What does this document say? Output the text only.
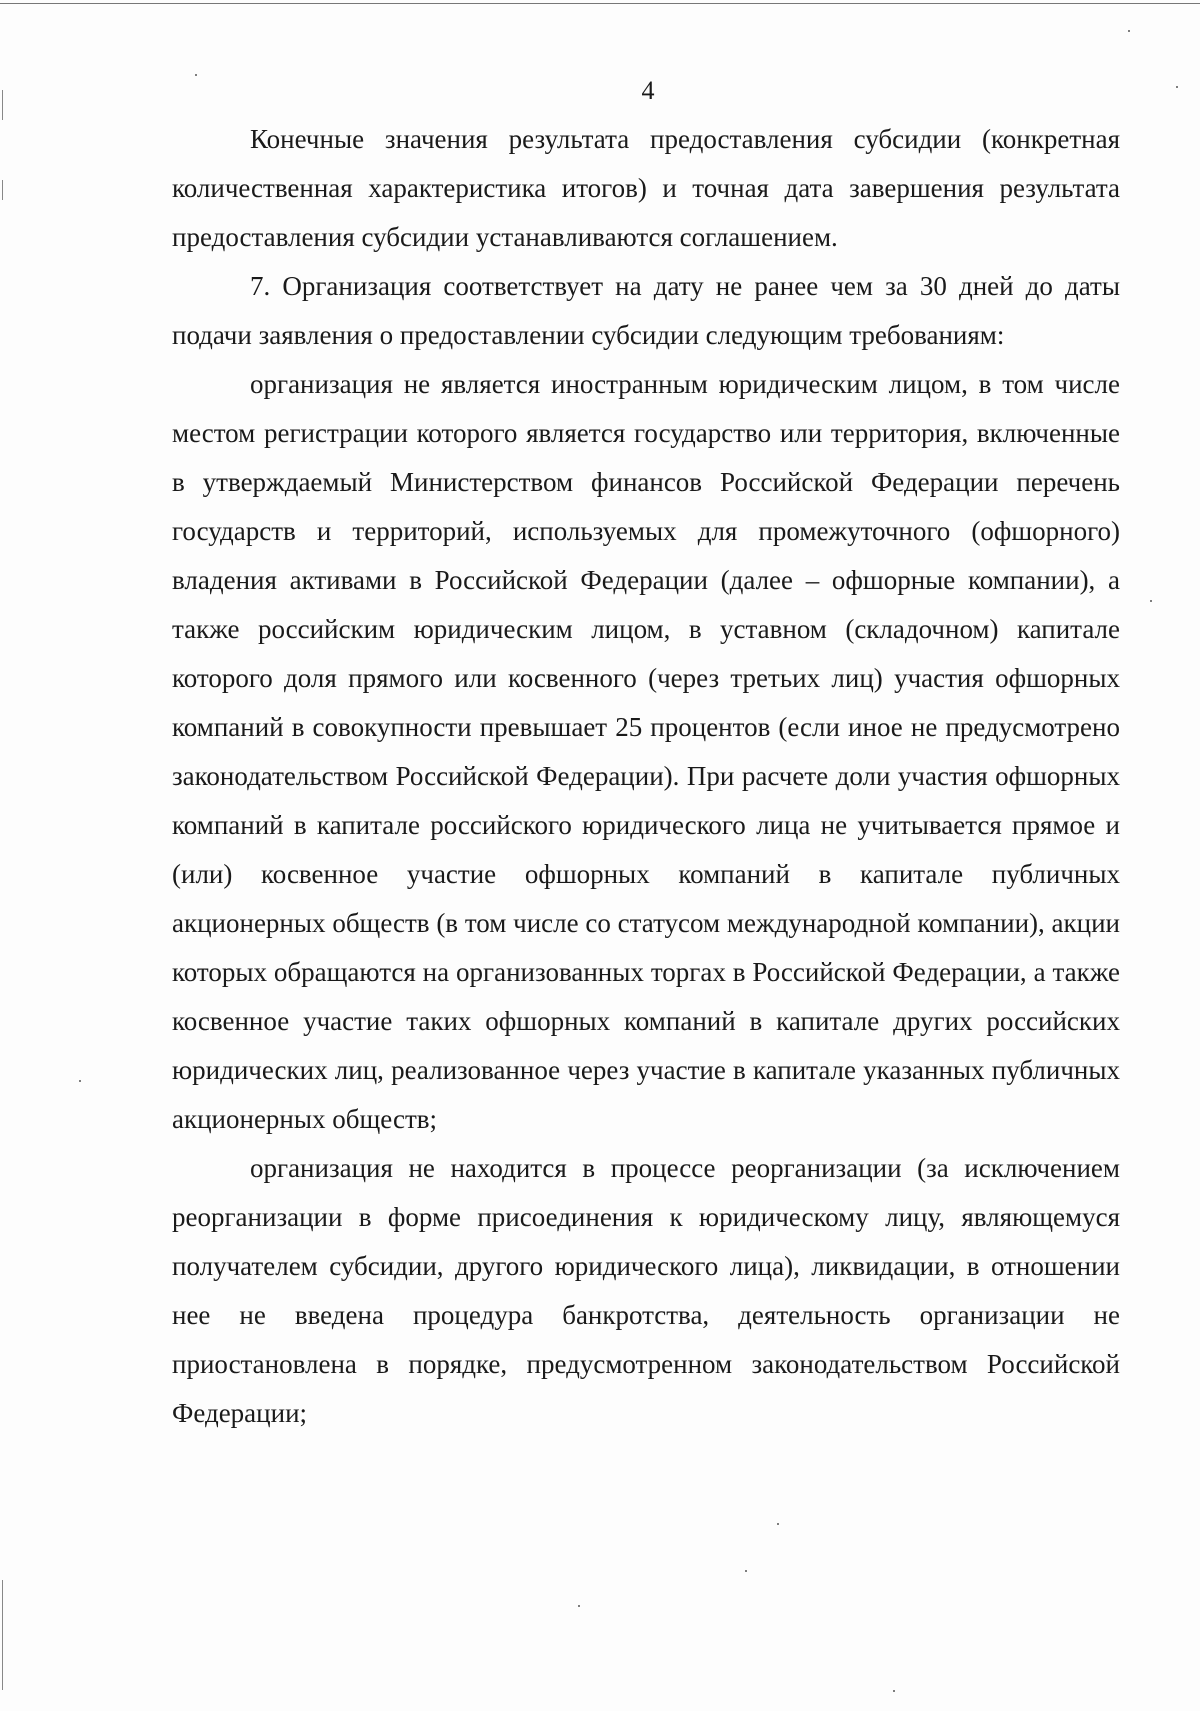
4

Конечные значения результата предоставления субсидии (конкретная количественная характеристика итогов) и точная дата завершения результата предоставления субсидии устанавливаются соглашением.

7. Организация соответствует на дату не ранее чем за 30 дней до даты подачи заявления о предоставлении субсидии следующим требованиям:

организация не является иностранным юридическим лицом, в том числе местом регистрации которого является государство или территория, включенные в утверждаемый Министерством финансов Российской Федерации перечень государств и территорий, используемых для промежуточного (офшорного) владения активами в Российской Федерации (далее – офшорные компании), а также российским юридическим лицом, в уставном (складочном) капитале которого доля прямого или косвенного (через третьих лиц) участия офшорных компаний в совокупности превышает 25 процентов (если иное не предусмотрено законодательством Российской Федерации). При расчете доли участия офшорных компаний в капитале российского юридического лица не учитывается прямое и (или) косвенное участие офшорных компаний в капитале публичных акционерных обществ (в том числе со статусом международной компании), акции которых обращаются на организованных торгах в Российской Федерации, а также косвенное участие таких офшорных компаний в капитале других российских юридических лиц, реализованное через участие в капитале указанных публичных акционерных обществ;

организация не находится в процессе реорганизации (за исключением реорганизации в форме присоединения к юридическому лицу, являющемуся получателем субсидии, другого юридического лица), ликвидации, в отношении нее не введена процедура банкротства, деятельность организации не приостановлена в порядке, предусмотренном законодательством Российской Федерации;
